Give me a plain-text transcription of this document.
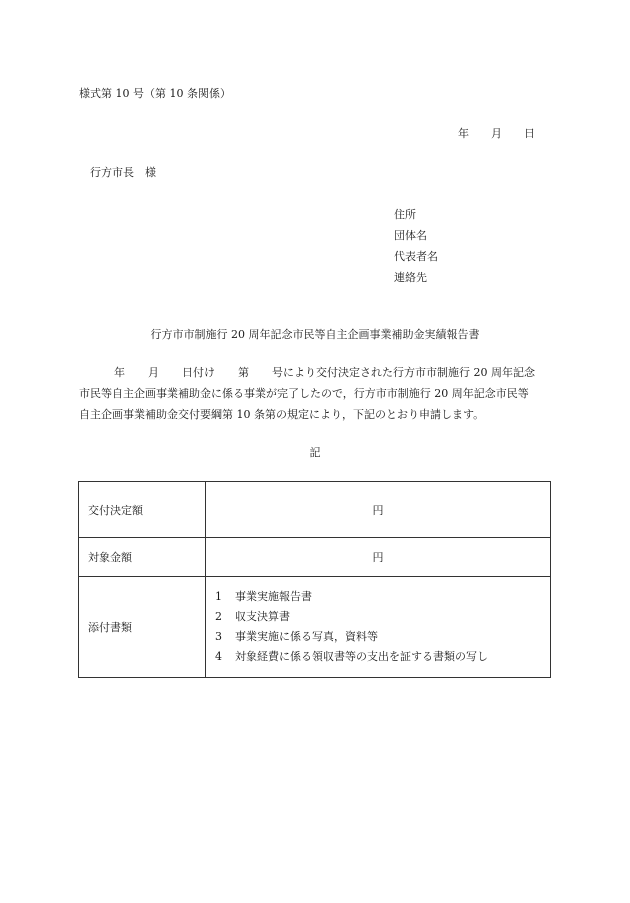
様式第 10 号（第 10 条関係）
年 月 日
行方市長　様
住所
団体名
代表者名
連絡先
行方市市制施行 20 周年記念市民等自主企画事業補助金実績報告書
年 月 日付け 第 号により交付決定された行方市市制施行 20 周年記念
市民等自主企画事業補助金に係る事業が完了したので，行方市市制施行 20 周年記念市民等
自主企画事業補助金交付要綱第 10 条第の規定により，下記のとおり申請します。
記
交付決定額	円
対象金額	円
添付書類	1 事業実施報告書
2 収支決算書
3 事業実施に係る写真，資料等
4 対象経費に係る領収書等の支出を証する書類の写し
